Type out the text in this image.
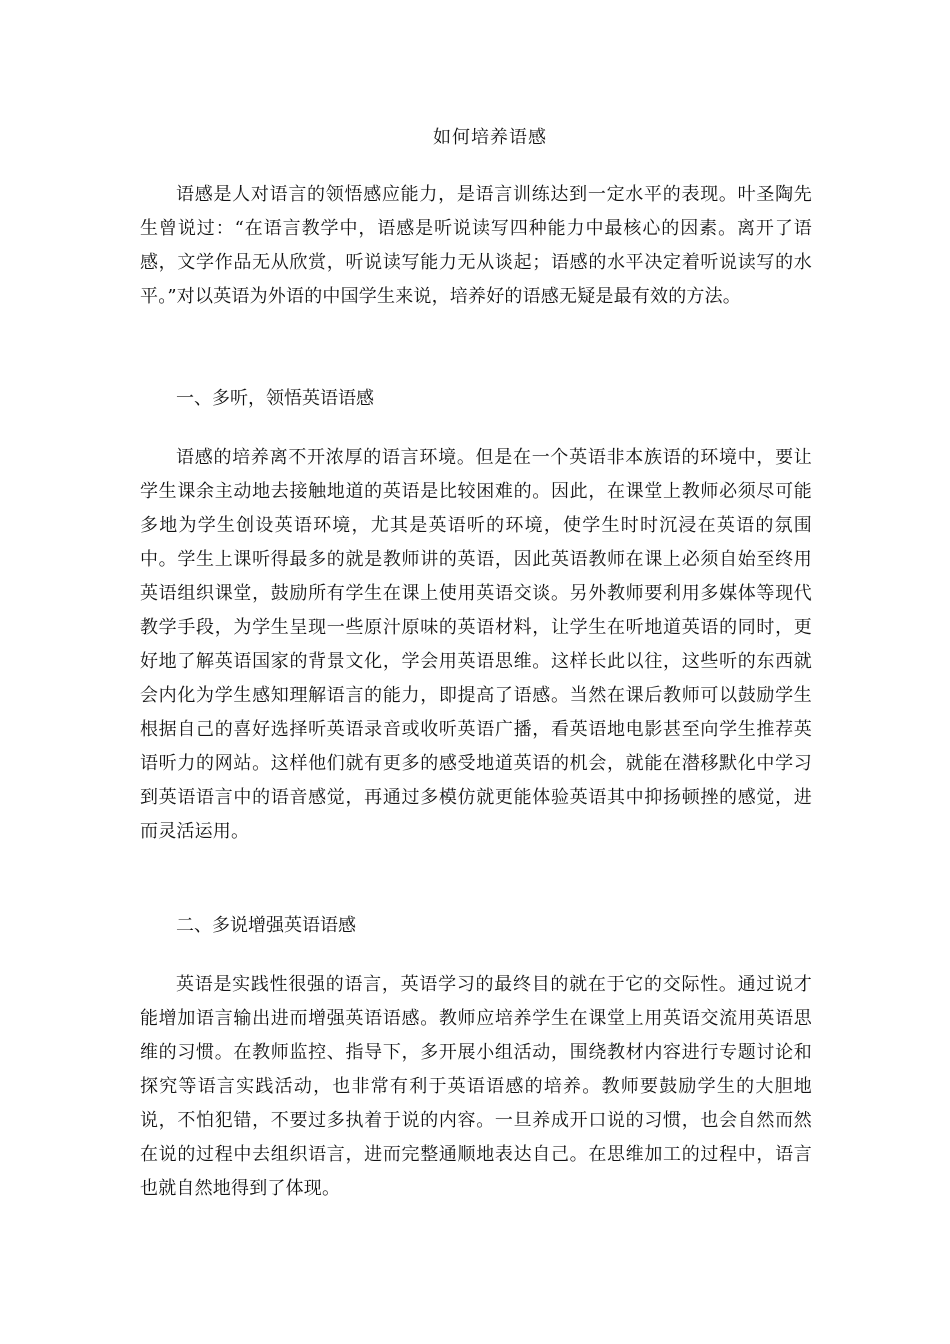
如何培养语感

语感是人对语言的领悟感应能力，是语言训练达到一定水平的表现。叶圣陶先生曾说过：“在语言教学中，语感是听说读写四种能力中最核心的因素。离开了语感，文学作品无从欣赏，听说读写能力无从谈起；语感的水平决定着听说读写的水平。”对以英语为外语的中国学生来说，培养好的语感无疑是最有效的方法。

一、多听，领悟英语语感

语感的培养离不开浓厚的语言环境。但是在一个英语非本族语的环境中，要让学生课余主动地去接触地道的英语是比较困难的。因此，在课堂上教师必须尽可能多地为学生创设英语环境，尤其是英语听的环境，使学生时时沉浸在英语的氛围中。学生上课听得最多的就是教师讲的英语，因此英语教师在课上必须自始至终用英语组织课堂，鼓励所有学生在课上使用英语交谈。另外教师要利用多媒体等现代教学手段，为学生呈现一些原汁原味的英语材料，让学生在听地道英语的同时，更好地了解英语国家的背景文化，学会用英语思维。这样长此以往，这些听的东西就会内化为学生感知理解语言的能力，即提高了语感。当然在课后教师可以鼓励学生根据自己的喜好选择听英语录音或收听英语广播，看英语地电影甚至向学生推荐英语听力的网站。这样他们就有更多的感受地道英语的机会，就能在潜移默化中学习到英语语言中的语音感觉，再通过多模仿就更能体验英语其中抑扬顿挫的感觉，进而灵活运用。

二、多说增强英语语感

英语是实践性很强的语言，英语学习的最终目的就在于它的交际性。通过说才能增加语言输出进而增强英语语感。教师应培养学生在课堂上用英语交流用英语思维的习惯。在教师监控、指导下，多开展小组活动，围绕教材内容进行专题讨论和探究等语言实践活动，也非常有利于英语语感的培养。教师要鼓励学生的大胆地说，不怕犯错，不要过多执着于说的内容。一旦养成开口说的习惯，也会自然而然在说的过程中去组织语言，进而完整通顺地表达自己。在思维加工的过程中，语言也就自然地得到了体现。
